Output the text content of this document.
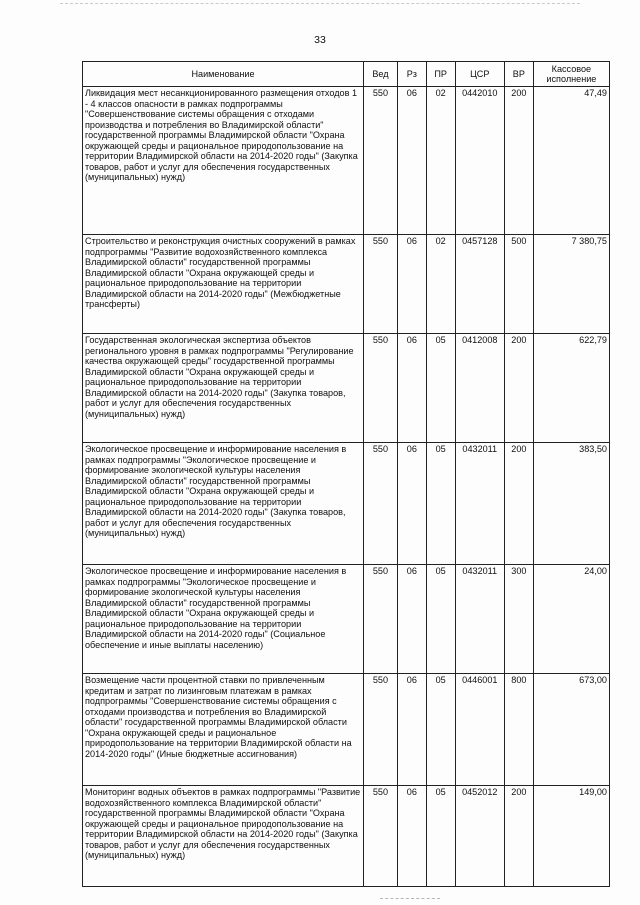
33
Наименование	Вед	Рз	ПР	ЦСР	ВР	Кассовое исполнение
Ликвидация мест несанкционированного размещения отходов 1 - 4 классов опасности в рамках подпрограммы "Совершенствование системы обращения с отходами производства и потребления во Владимирской области" государственной программы Владимирской области "Охрана окружающей среды и рациональное природопользование на территории Владимирской области на 2014-2020 годы" (Закупка товаров, работ и услуг для обеспечения государственных (муниципальных) нужд)	550	06	02	0442010	200	47,49
Строительство и реконструкция очистных сооружений в рамках подпрограммы "Развитие водохозяйственного комплекса Владимирской области" государственной программы Владимирской области "Охрана окружающей среды и рациональное природопользование на территории Владимирской области на 2014-2020 годы" (Межбюджетные трансферты)	550	06	02	0457128	500	7 380,75
Государственная экологическая экспертиза объектов регионального уровня в рамках подпрограммы "Регулирование качества окружающей среды" государственной программы Владимирской области "Охрана окружающей среды и рациональное природопользование на территории Владимирской области на 2014-2020 годы" (Закупка товаров, работ и услуг для обеспечения государственных (муниципальных) нужд)	550	06	05	0412008	200	622,79
Экологическое просвещение и информирование населения в рамках подпрограммы "Экологическое просвещение и формирование экологической культуры населения Владимирской области" государственной программы Владимирской области "Охрана окружающей среды и рациональное природопользование на территории Владимирской области на 2014-2020 годы" (Закупка товаров, работ и услуг для обеспечения государственных (муниципальных) нужд)	550	06	05	0432011	200	383,50
Экологическое просвещение и информирование населения в рамках подпрограммы "Экологическое просвещение и формирование экологической культуры населения Владимирской области" государственной программы Владимирской области "Охрана окружающей среды и рациональное природопользование на территории Владимирской области на 2014-2020 годы" (Социальное обеспечение и иные выплаты населению)	550	06	05	0432011	300	24,00
Возмещение части процентной ставки по привлеченным кредитам и затрат по лизинговым платежам в рамках подпрограммы "Совершенствование системы обращения с отходами производства и потребления во Владимирской области" государственной программы Владимирской области "Охрана окружающей среды и рациональное природопользование на территории Владимирской области на 2014-2020 годы" (Иные бюджетные ассигнования)	550	06	05	0446001	800	673,00
Мониторинг водных объектов в рамках подпрограммы "Развитие водохозяйственного комплекса Владимирской области" государственной программы Владимирской области "Охрана окружающей среды и рациональное природопользование на территории Владимирской области на 2014-2020 годы" (Закупка товаров, работ и услуг для обеспечения государственных (муниципальных) нужд)	550	06	05	0452012	200	149,00
